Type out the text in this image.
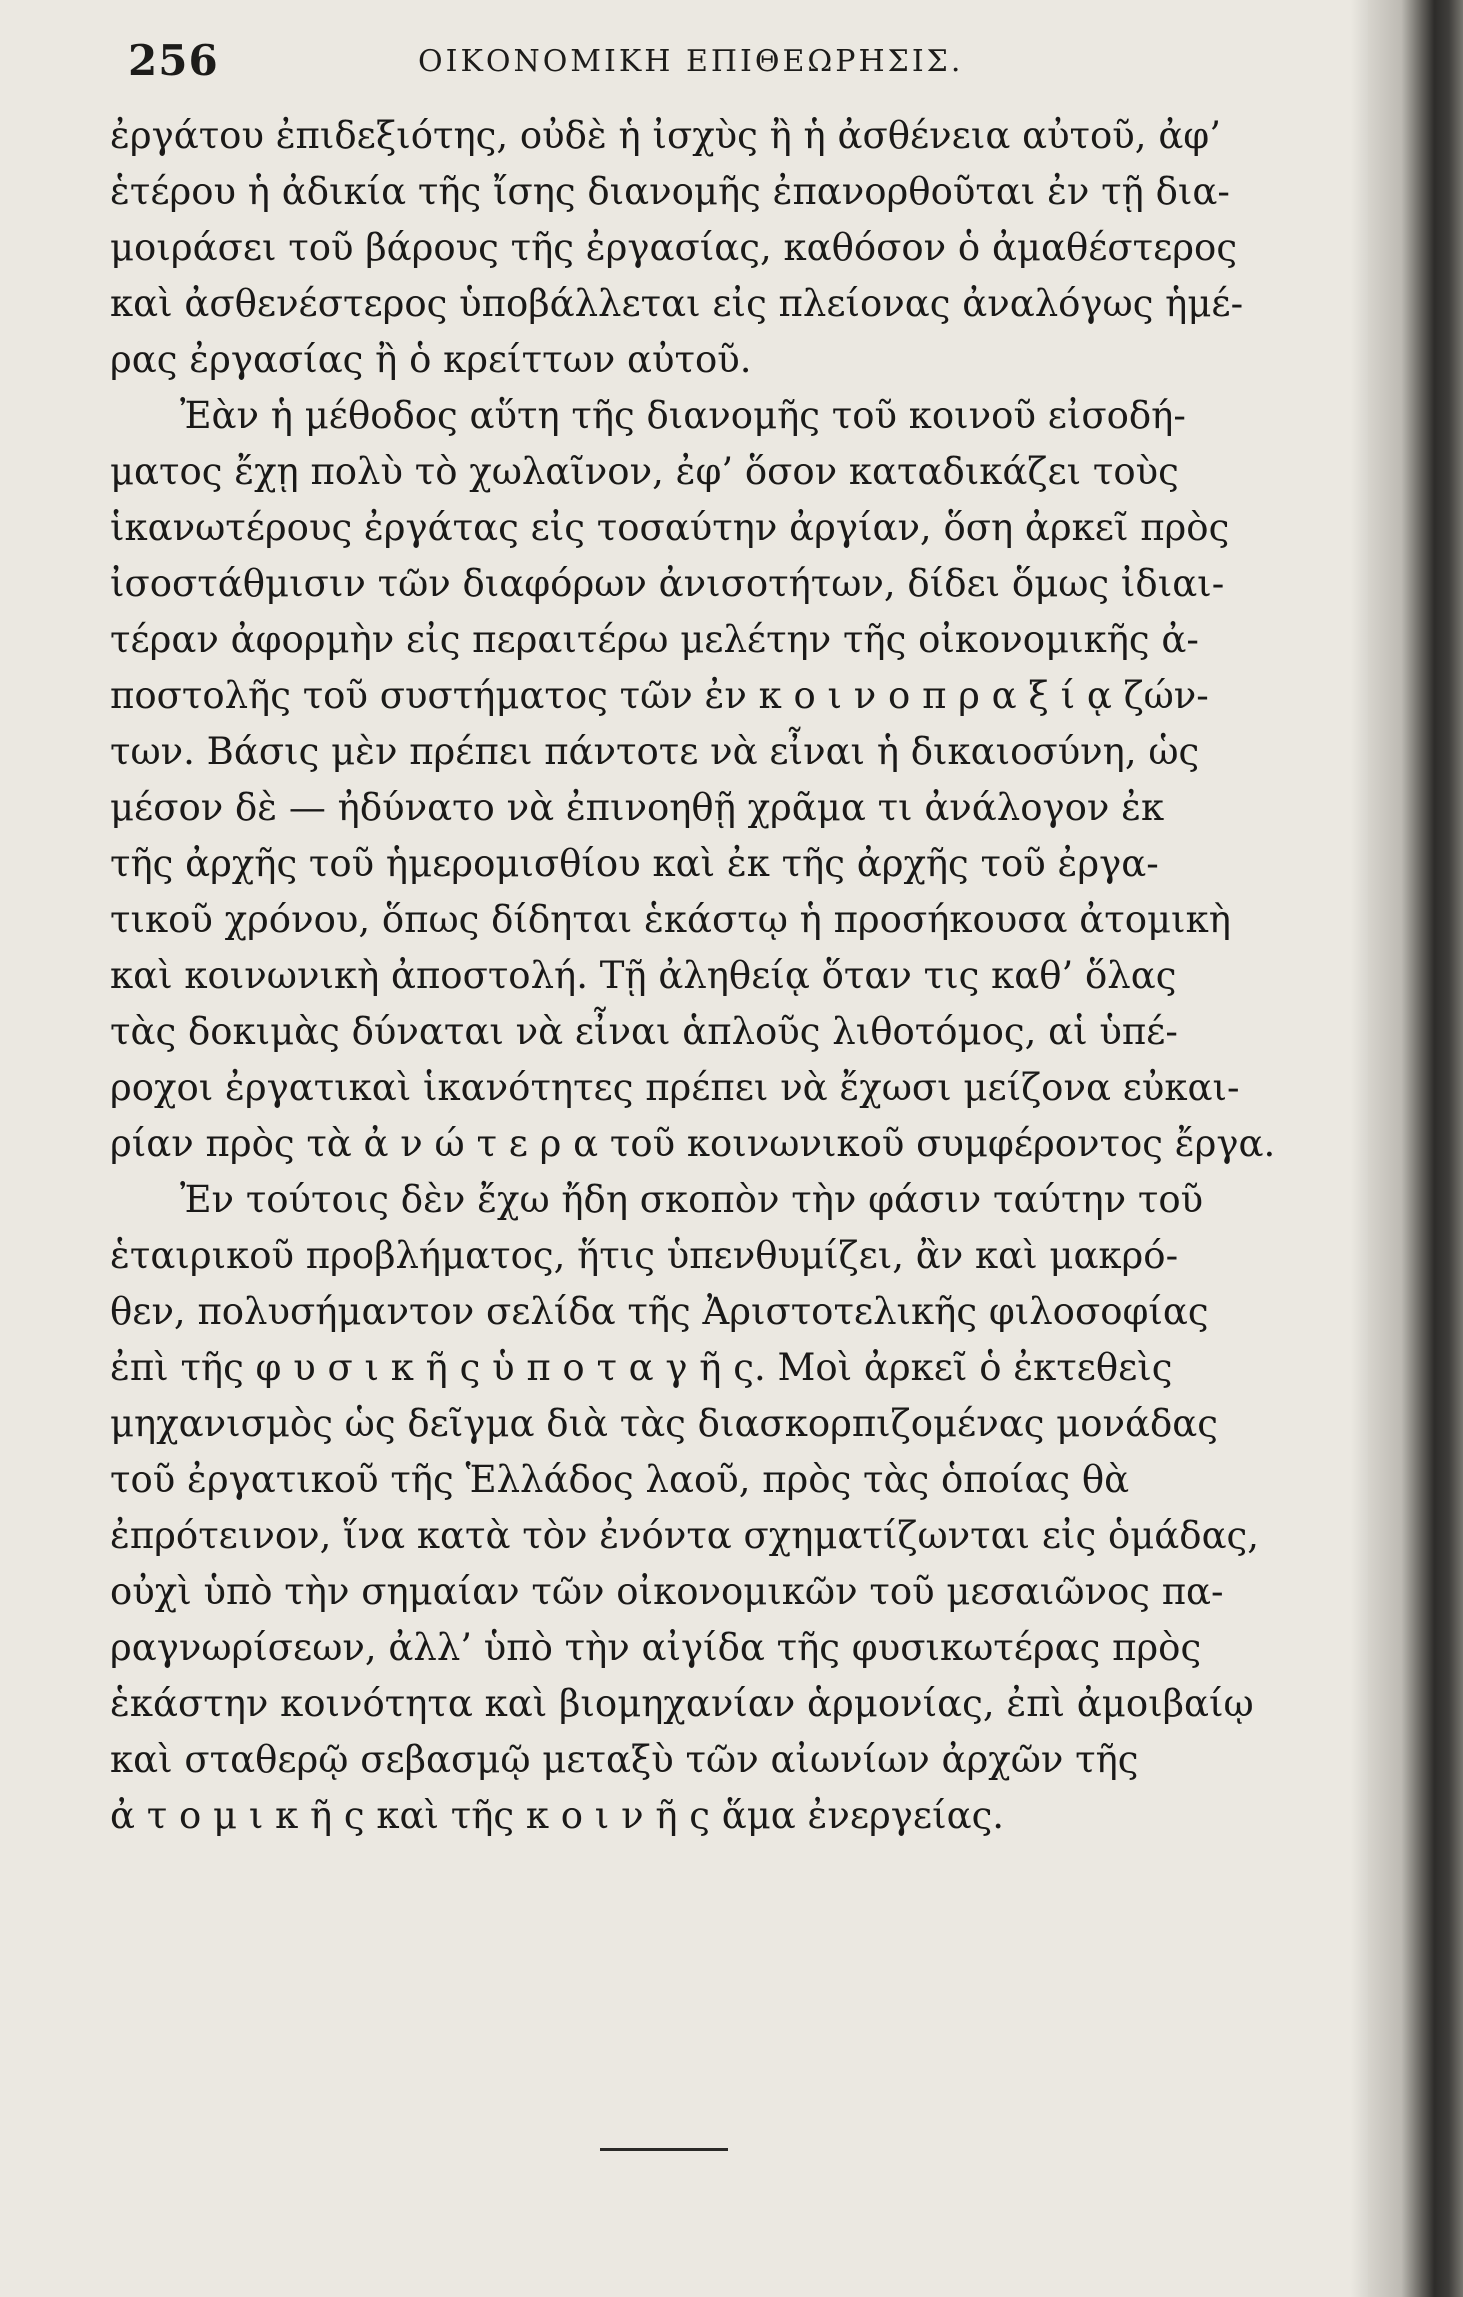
256	ΟΙΚΟΝΟΜΙΚΗ ΕΠΙΘΕΩΡΗΣΙΣ.
ἐργάτου ἐπιδεξιότης, οὐδὲ ἡ ἰσχὺς ἢ ἡ ἀσθένεια αὐτοῦ, ἀφ’
ἑτέρου ἡ ἀδικία τῆς ἴσης διανομῆς ἐπανορθοῦται ἐν τῇ δια-
μοιράσει τοῦ βάρους τῆς ἐργασίας, καθόσον ὁ ἀμαθέστερος
καὶ ἀσθενέστερος ὑποβάλλεται εἰς πλείονας ἀναλόγως ἡμέ-
ρας ἐργασίας ἢ ὁ κρείττων αὐτοῦ.
Ἐὰν ἡ μέθοδος αὕτη τῆς διανομῆς τοῦ κοινοῦ εἰσοδή-
ματος ἔχῃ πολὺ τὸ χωλαῖνον, ἐφ’ ὅσον καταδικάζει τοὺς
ἱκανωτέρους ἐργάτας εἰς τοσαύτην ἀργίαν, ὅση ἀρκεῖ πρὸς
ἰσοστάθμισιν τῶν διαφόρων ἀνισοτήτων, δίδει ὅμως ἰδιαι-
τέραν ἀφορμὴν εἰς περαιτέρω μελέτην τῆς οἰκονομικῆς ἀ-
ποστολῆς τοῦ συστήματος τῶν ἐν κ ο ι ν ο π ρ α ξ ί ᾳ ζών-
των. Βάσις μὲν πρέπει πάντοτε νὰ εἶναι ἡ δικαιοσύνη, ὡς
μέσον δὲ — ἠδύνατο νὰ ἐπινοηθῇ χρᾶμα τι ἀνάλογον ἐκ
τῆς ἀρχῆς τοῦ ἡμερομισθίου καὶ ἐκ τῆς ἀρχῆς τοῦ ἐργα-
τικοῦ χρόνου, ὅπως δίδηται ἑκάστῳ ἡ προσήκουσα ἀτομικὴ
καὶ κοινωνικὴ ἀποστολή. Τῇ ἀληθείᾳ ὅταν τις καθ’ ὅλας
τὰς δοκιμὰς δύναται νὰ εἶναι ἁπλοῦς λιθοτόμος, αἱ ὑπέ-
ροχοι ἐργατικαὶ ἱκανότητες πρέπει νὰ ἔχωσι μείζονα εὐκαι-
ρίαν πρὸς τὰ ἀ ν ώ τ ε ρ α τοῦ κοινωνικοῦ συμφέροντος ἔργα.
Ἐν τούτοις δὲν ἔχω ἤδη σκοπὸν τὴν φάσιν ταύτην τοῦ
ἑταιρικοῦ προβλήματος, ἥτις ὑπενθυμίζει, ἂν καὶ μακρό-
θεν, πολυσήμαντον σελίδα τῆς Ἀριστοτελικῆς φιλοσοφίας
ἐπὶ τῆς φ υ σ ι κ ῆ ς ὑ π ο τ α γ ῆ ς. Μοὶ ἀρκεῖ ὁ ἐκτεθεὶς
μηχανισμὸς ὡς δεῖγμα διὰ τὰς διασκορπιζομένας μονάδας
τοῦ ἐργατικοῦ τῆς Ἑλλάδος λαοῦ, πρὸς τὰς ὁποίας θὰ
ἐπρότεινον, ἵνα κατὰ τὸν ἐνόντα σχηματίζωνται εἰς ὁμάδας,
οὐχὶ ὑπὸ τὴν σημαίαν τῶν οἰκονομικῶν τοῦ μεσαιῶνος πα-
ραγνωρίσεων, ἀλλ’ ὑπὸ τὴν αἰγίδα τῆς φυσικωτέρας πρὸς
ἑκάστην κοινότητα καὶ βιομηχανίαν ἁρμονίας, ἐπὶ ἀμοιβαίῳ
καὶ σταθερῷ σεβασμῷ μεταξὺ τῶν αἰωνίων ἀρχῶν τῆς
ἀ τ ο μ ι κ ῆ ς καὶ τῆς κ ο ι ν ῆ ς ἅμα ἐνεργείας.
